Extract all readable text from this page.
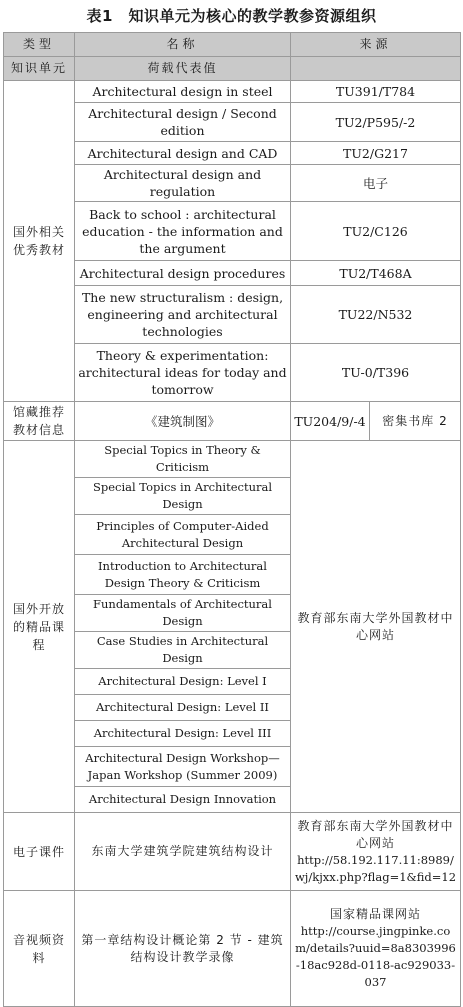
表1　知识单元为核心的教学教参资源组织
类型	名称	来源
知识单元	荷载代表值	
国外相关优秀教材	Architectural design in steel	TU391/T784
	Architectural design / Second edition	TU2/P595/-2
	Architectural design and CAD	TU2/G217
	Architectural design and regulation	电子
	Back to school : architectural education - the information and the argument	TU2/C126
	Architectural design procedures	TU2/T468A
	The new structuralism : design, engineering and architectural technologies	TU22/N532
	Theory & experimentation: architectural ideas for today and tomorrow	TU-0/T396
馆藏推荐教材信息	《建筑制图》	TU204/9/-4 密集书库 2

国外开放的精品课程	Special Topics in Theory & Criticism	教育部东南大学外国教材中心网站
	Special Topics in Architectural Design	
	Principles of Computer-Aided Architectural Design	
	Introduction to Architectural Design Theory & Criticism	
	Fundamentals of Architectural Design	
	Case Studies in Architectural Design	
	Architectural Design: Level I	
	Architectural Design: Level II	
	Architectural Design: Level III	
	Architectural Design Workshop—Japan Workshop (Summer 2009)	
	Architectural Design Innovation	
电子课件	东南大学建筑学院建筑结构设计	教育部东南大学外国教材中心网站
http://58.192.117.11:8989/wj/kjxx.php?flag=1&fid=12

音视频资料	第一章结构设计概论第 2 节 - 建筑结构设计教学录像	国家精品课网站
http://course.jingpinke.com/details?uuid=8a8303996-18ac928d-0118-ac929033-037
